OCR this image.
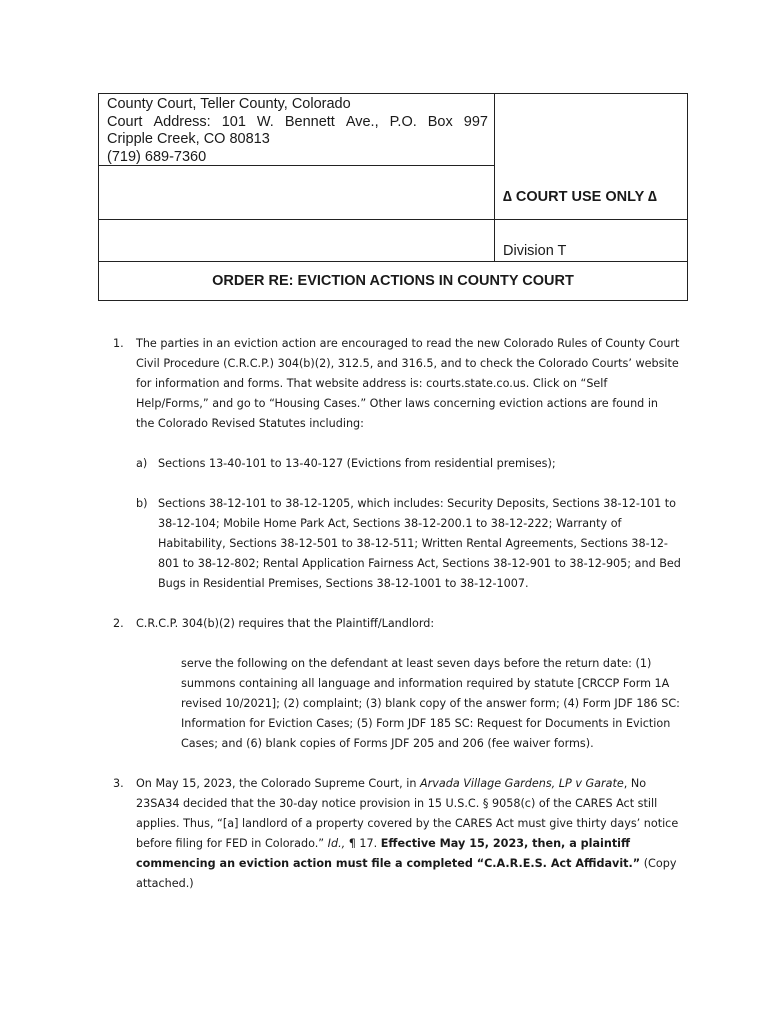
County Court, Teller County, Colorado
Court Address: 101 W. Bennett Ave., P.O. Box 997
Cripple Creek, CO 80813
(719) 689-7360
∆ COURT USE ONLY ∆
Division T
ORDER RE: EVICTION ACTIONS IN COUNTY COURT
1. The parties in an eviction action are encouraged to read the new Colorado Rules of County Court
Civil Procedure (C.R.C.P.) 304(b)(2), 312.5, and 316.5, and to check the Colorado Courts’ website
for information and forms. That website address is: courts.state.co.us. Click on “Self
Help/Forms,” and go to “Housing Cases.” Other laws concerning eviction actions are found in
the Colorado Revised Statutes including:
a) Sections 13-40-101 to 13-40-127 (Evictions from residential premises);
b) Sections 38-12-101 to 38-12-1205, which includes: Security Deposits, Sections 38-12-101 to
38-12-104; Mobile Home Park Act, Sections 38-12-200.1 to 38-12-222; Warranty of
Habitability, Sections 38-12-501 to 38-12-511; Written Rental Agreements, Sections 38-12-
801 to 38-12-802; Rental Application Fairness Act, Sections 38-12-901 to 38-12-905; and Bed
Bugs in Residential Premises, Sections 38-12-1001 to 38-12-1007.
2. C.R.C.P. 304(b)(2) requires that the Plaintiff/Landlord:
serve the following on the defendant at least seven days before the return date: (1)
summons containing all language and information required by statute [CRCCP Form 1A
revised 10/2021]; (2) complaint; (3) blank copy of the answer form; (4) Form JDF 186 SC:
Information for Eviction Cases; (5) Form JDF 185 SC: Request for Documents in Eviction
Cases; and (6) blank copies of Forms JDF 205 and 206 (fee waiver forms).
3. On May 15, 2023, the Colorado Supreme Court, in Arvada Village Gardens, LP v Garate, No
23SA34 decided that the 30-day notice provision in 15 U.S.C. § 9058(c) of the CARES Act still
applies. Thus, “[a] landlord of a property covered by the CARES Act must give thirty days’ notice
before filing for FED in Colorado.” Id., ¶ 17. Effective May 15, 2023, then, a plaintiff
commencing an eviction action must file a completed “C.A.R.E.S. Act Affidavit.” (Copy
attached.)
